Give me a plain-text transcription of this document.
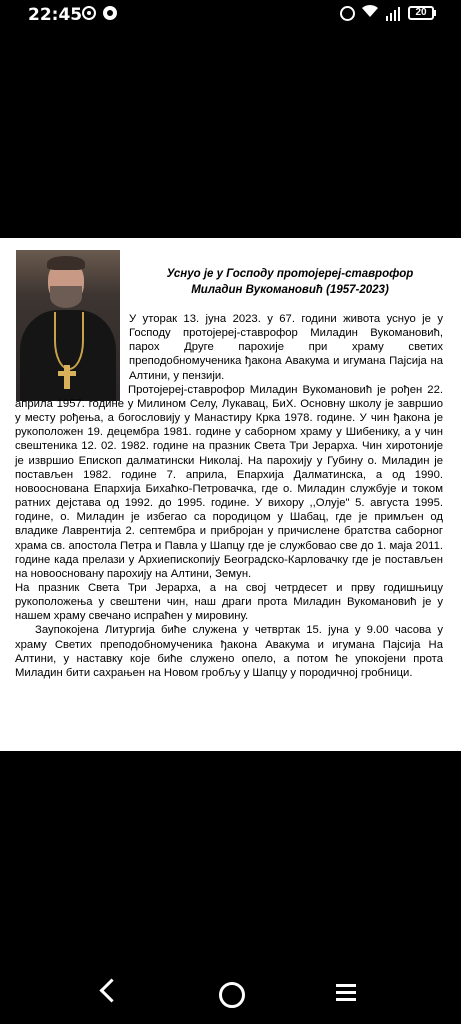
22:45	20
Уснуо је у Господу протојереј-ставрофор
Миладин Вукомановић (1957-2023)

У уторак 13. јуна 2023. у 67. години живота уснуо је у Господу протојереј-ставрофор Миладин Вукомановић, парох Друге парохије при храму светих преподобномученика ђакона Авакума и игумана Пајсија на Алтини, у пензији.

Протојереј-ставрофор Миладин Вукомановић је рођен 22. априла 1957. године у Милином Селу, Лукавац, БиХ. Основну школу је завршио у месту рођења, а богословију у Манастиру Крка 1978. године. У чин ђакона је рукоположен 19. децембра 1981. године у саборном храму у Шибенику, а у чин свештеника 12. 02. 1982. године на празник Света Три Јерарха. Чин хиротоније је извршио Епископ далматински Николај. На парохију у Губину о. Миладин је постављен 1982. године 7. априла, Епархија Далматинска, а од 1990. новооснована Епархија Бихаћко-Петровачка, где о. Миладин службује и током ратних дејстава од 1992. до 1995. године. У вихору ,,Олује" 5. августа 1995. године, о. Миладин је избегао са породицом у Шабац, где је примљен од владике Лаврентија 2. септембра и прибројан у причислене братства саборног храма св. апостола Петра и Павла у Шапцу где је службовао све до 1. маја 2011. године када прелази у Архиепископију Београдско-Карловачку где је постављен на новоосновану парохију на Алтини, Земун.

На празник Света Три Јерарха, а на свој четрдесет и прву годишњицу рукоположења у свештени чин, наш драги прота Миладин Вукомановић је у нашем храму свечано испраћен у мировину.

Заупокојена Литургија биће служена у четвртак 15. јуна у 9.00 часова у храму Светих преподобномученика ђакона Авакума и игумана Пајсија На Алтини, у наставку које биће служено опело, а потом ће упокојени прота Миладин бити сахрањен на Новом гробљу у Шапцу у породичној гробници.
